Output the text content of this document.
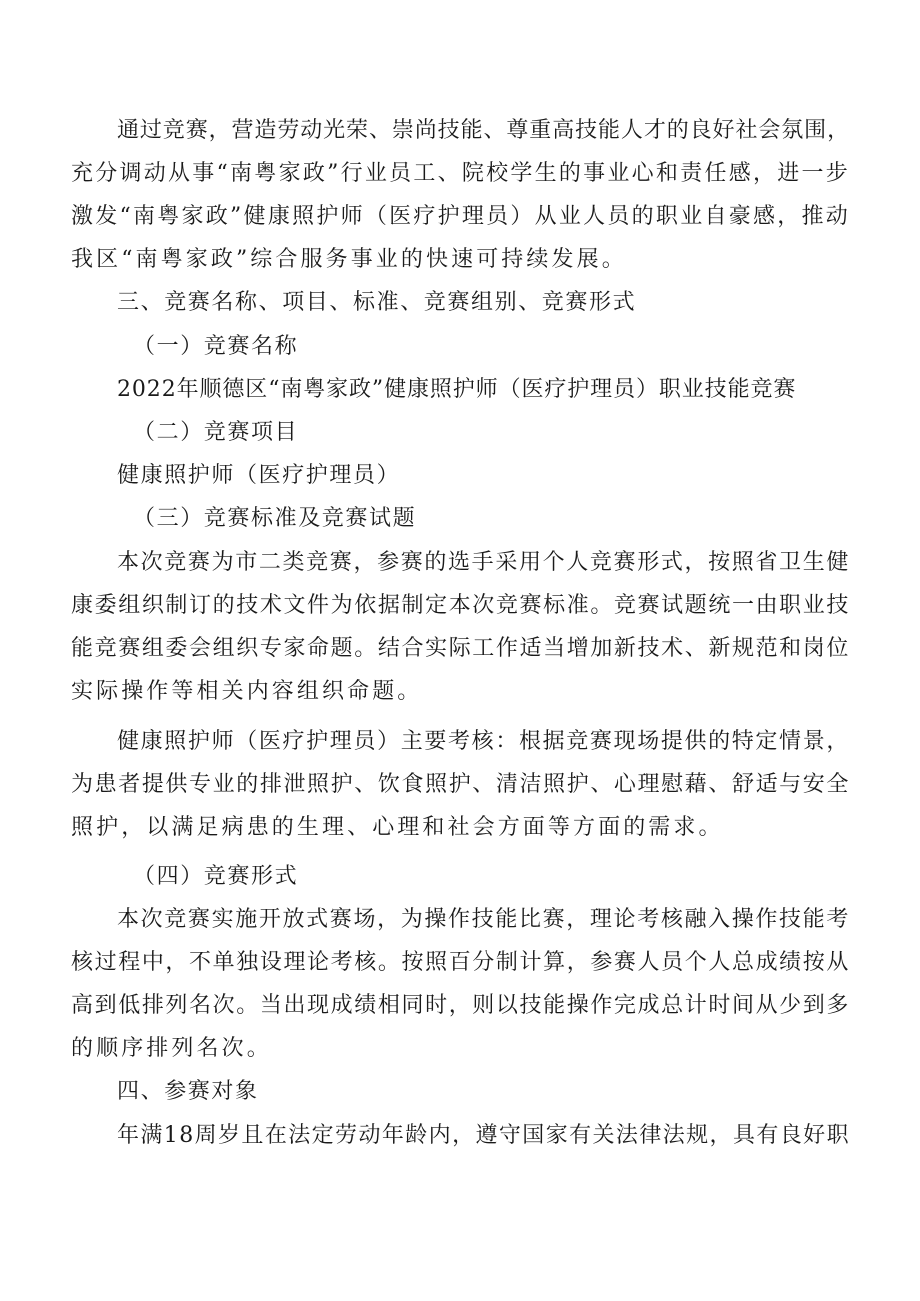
通过竞赛，营造劳动光荣、崇尚技能、尊重高技能人才的良好社会氛围，
充分调动从事“南粤家政”行业员工、院校学生的事业心和责任感，进一步
激发“南粤家政”健康照护师（医疗护理员）从业人员的职业自豪感，推动
我区“南粤家政”综合服务事业的快速可持续发展。
三、竞赛名称、项目、标准、竞赛组别、竞赛形式
（一）竞赛名称
2022年顺德区“南粤家政”健康照护师（医疗护理员）职业技能竞赛
（二）竞赛项目
健康照护师（医疗护理员）
（三）竞赛标准及竞赛试题
本次竞赛为市二类竞赛，参赛的选手采用个人竞赛形式，按照省卫生健
康委组织制订的技术文件为依据制定本次竞赛标准。竞赛试题统一由职业技
能竞赛组委会组织专家命题。结合实际工作适当增加新技术、新规范和岗位
实际操作等相关内容组织命题。
健康照护师（医疗护理员）主要考核：根据竞赛现场提供的特定情景，
为患者提供专业的排泄照护、饮食照护、清洁照护、心理慰藉、舒适与安全
照护，以满足病患的生理、心理和社会方面等方面的需求。
（四）竞赛形式
本次竞赛实施开放式赛场，为操作技能比赛，理论考核融入操作技能考
核过程中，不单独设理论考核。按照百分制计算，参赛人员个人总成绩按从
高到低排列名次。当出现成绩相同时，则以技能操作完成总计时间从少到多
的顺序排列名次。
四、参赛对象
年满18周岁且在法定劳动年龄内，遵守国家有关法律法规，具有良好职
